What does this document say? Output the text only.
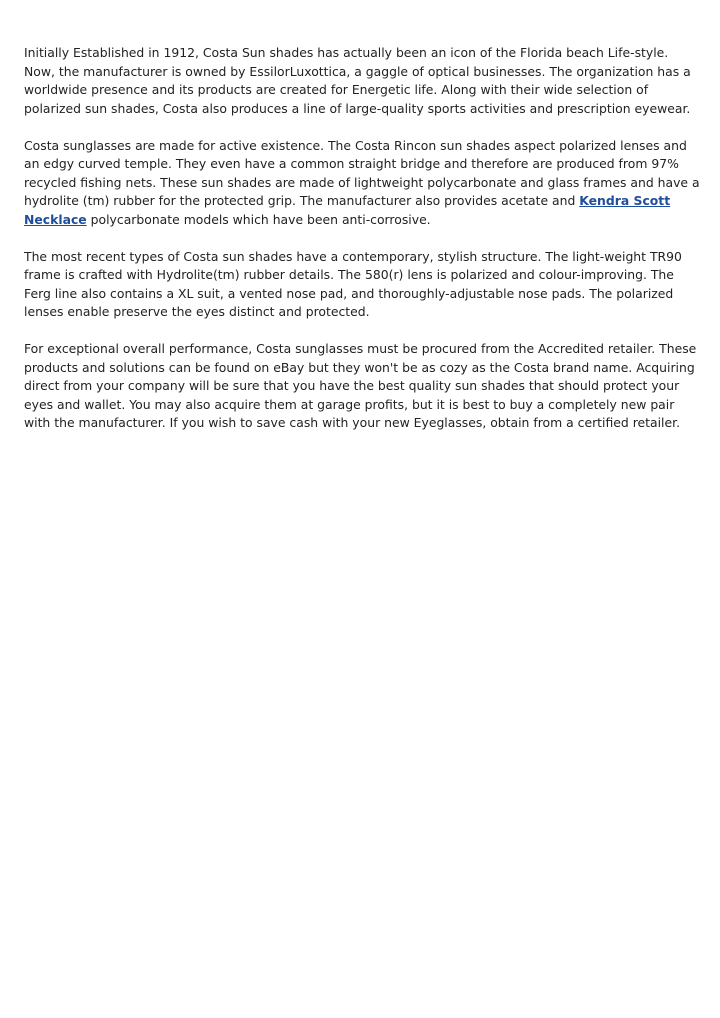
Initially Established in 1912, Costa Sun shades has actually been an icon of the Florida beach Life-style. Now, the manufacturer is owned by EssilorLuxottica, a gaggle of optical businesses. The organization has a worldwide presence and its products are created for Energetic life. Along with their wide selection of polarized sun shades, Costa also produces a line of large-quality sports activities and prescription eyewear.

Costa sunglasses are made for active existence. The Costa Rincon sun shades aspect polarized lenses and an edgy curved temple. They even have a common straight bridge and therefore are produced from 97% recycled fishing nets. These sun shades are made of lightweight polycarbonate and glass frames and have a hydrolite (tm) rubber for the protected grip. The manufacturer also provides acetate and Kendra Scott Necklace polycarbonate models which have been anti-corrosive.

The most recent types of Costa sun shades have a contemporary, stylish structure. The light-weight TR90 frame is crafted with Hydrolite(tm) rubber details. The 580(r) lens is polarized and colour-improving. The Ferg line also contains a XL suit, a vented nose pad, and thoroughly-adjustable nose pads. The polarized lenses enable preserve the eyes distinct and protected.

For exceptional overall performance, Costa sunglasses must be procured from the Accredited retailer. These products and solutions can be found on eBay but they won't be as cozy as the Costa brand name. Acquiring direct from your company will be sure that you have the best quality sun shades that should protect your eyes and wallet. You may also acquire them at garage profits, but it is best to buy a completely new pair with the manufacturer. If you wish to save cash with your new Eyeglasses, obtain from a certified retailer.
